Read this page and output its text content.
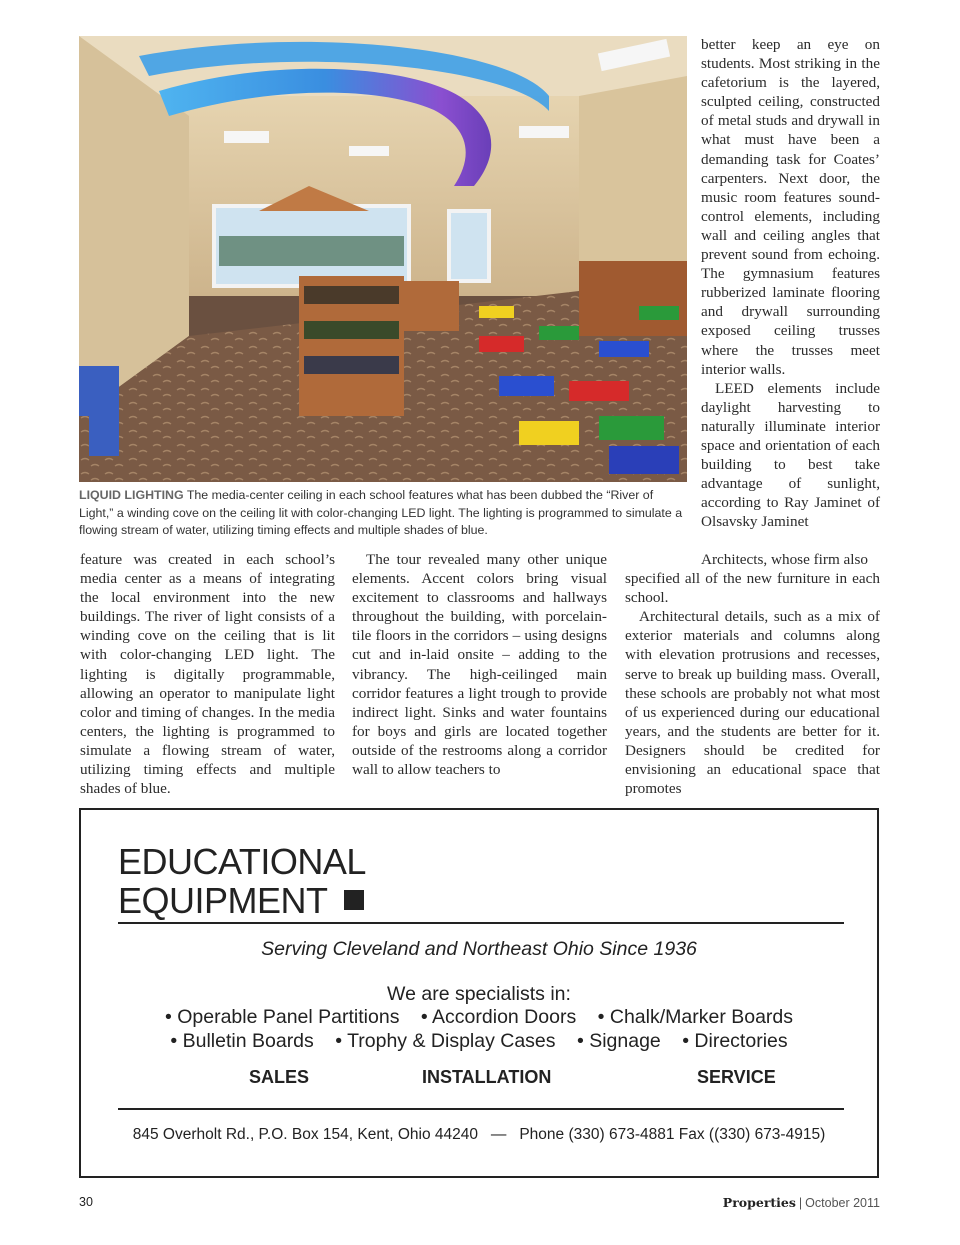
LIQUID LIGHTING The media-center ceiling in each school features what has been dubbed the “River of Light,” a winding cove on the ceiling lit with color-changing LED light. The lighting is programmed to simulate a flowing stream of water, utilizing timing effects and multiple shades of blue.

better keep an eye on students. Most striking in the cafetorium is the layered, sculpted ceiling, constructed of metal studs and drywall in what must have been a demanding task for Coates’ carpenters. Next door, the music room features sound-control elements, including wall and ceiling angles that prevent sound from echoing. The gymnasium features rubberized laminate flooring and drywall surrounding exposed ceiling trusses where the trusses meet interior walls.

LEED elements include daylight harvesting to naturally illuminate interior space and orientation of each building to best take advantage of sunlight, according to Ray Jaminet of Olsavsky Jaminet

feature was created in each school’s media center as a means of integrating the local environment into the new buildings. The river of light consists of a winding cove on the ceiling that is lit with color-changing LED light. The lighting is digitally programmable, allowing an operator to manipulate light color and timing of changes. In the media centers, the lighting is programmed to simulate a flowing stream of water, utilizing timing effects and multiple shades of blue.

The tour revealed many other unique elements. Accent colors bring visual excitement to classrooms and hallways throughout the building, with porcelain-tile floors in the corridors – using designs cut and in-laid onsite – adding to the vibrancy. The high-ceilinged main corridor features a light trough to provide indirect light. Sinks and water fountains for boys and girls are located together outside of the restrooms along a corridor wall to allow teachers to

Architects, whose firm also

specified all of the new furniture in each school.

Architectural details, such as a mix of exterior materials and columns along with elevation protrusions and recesses, serve to break up building mass. Overall, these schools are probably not what most of us experienced during our educational years, and the students are better for it. Designers should be credited for envisioning an educational space that promotes

EDUCATIONAL
EQUIPMENT
Serving Cleveland and Northeast Ohio Since 1936
We are specialists in:
• Operable Panel Partitions • Accordion Doors • Chalk/Marker Boards
• Bulletin Boards • Trophy & Display Cases • Signage • Directories
SALES	INSTALLATION	SERVICE
845 Overholt Rd., P.O. Box 154, Kent, Ohio 44240   —   Phone (330) 673-4881 Fax ((330) 673-4915)
30	Properties | October 2011
